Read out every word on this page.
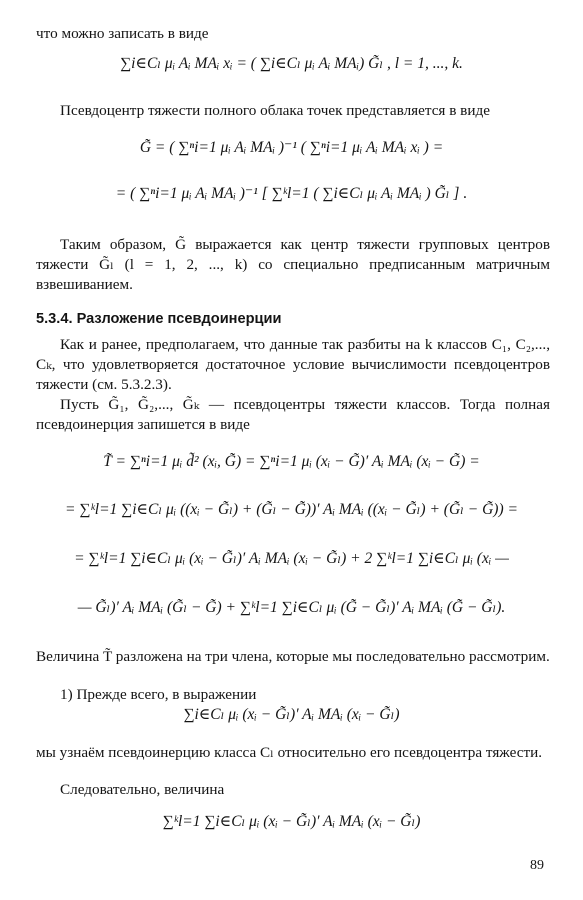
что можно записать в виде

∑i∈Cₗ μᵢ Aᵢ MAᵢ xᵢ = ( ∑i∈Cₗ μᵢ Aᵢ MAᵢ) G̃ₗ , l = 1, ..., k.

Псевдоцентр тяжести полного облака точек представляется в виде

G̃ = ( ∑ⁿi=1 μᵢ Aᵢ MAᵢ )⁻¹ ( ∑ⁿi=1 μᵢ Aᵢ MAᵢ xᵢ ) =
= ( ∑ⁿi=1 μᵢ Aᵢ MAᵢ )⁻¹ [ ∑ᵏl=1 ( ∑i∈Cₗ μᵢ Aᵢ MAᵢ ) G̃ₗ ] .

Таким образом, G̃ выражается как центр тяжести групповых центров тяжести G̃ₗ (l = 1, 2, ..., k) со специально предписанным матричным взвешиванием.

5.3.4. Разложение псевдоинерции

Как и ранее, предполагаем, что данные так разбиты на k классов C₁, C₂,..., Cₖ, что удовлетворяется достаточное условие вычислимости псевдоцентров тяжести (см. 5.3.2.3).

Пусть G̃₁, G̃₂,..., G̃ₖ — псевдоцентры тяжести классов. Тогда полная псевдоинерция запишется в виде

T̃ = ∑ⁿi=1 μᵢ d̃² (xᵢ, G̃) = ∑ⁿi=1 μᵢ (xᵢ − G̃)′ Aᵢ MAᵢ (xᵢ − G̃) =
= ∑ᵏl=1 ∑i∈Cₗ μᵢ ((xᵢ − G̃ₗ) + (G̃ₗ − G̃))′ Aᵢ MAᵢ ((xᵢ − G̃ₗ) + (G̃ₗ − G̃)) =
= ∑ᵏl=1 ∑i∈Cₗ μᵢ (xᵢ − G̃ₗ)′ Aᵢ MAᵢ (xᵢ − G̃ₗ) + 2 ∑ᵏl=1 ∑i∈Cₗ μᵢ (xᵢ —
— G̃ₗ)′ Aᵢ MAᵢ (G̃ₗ − G̃) + ∑ᵏl=1 ∑i∈Cₗ μᵢ (G̃ − G̃ₗ)′ Aᵢ MAᵢ (G̃ − G̃ₗ).

Величина T̃ разложена на три члена, которые мы последовательно рассмотрим.

1) Прежде всего, в выражении

∑i∈Cₗ μᵢ (xᵢ − G̃ₗ)′ Aᵢ MAᵢ (xᵢ − G̃ₗ)

мы узнаём псевдоинерцию класса Cₗ относительно его псевдоцентра тяжести.

Следовательно, величина

∑ᵏl=1 ∑i∈Cₗ μᵢ (xᵢ − G̃ₗ)′ Aᵢ MAᵢ (xᵢ − G̃ₗ)
89
